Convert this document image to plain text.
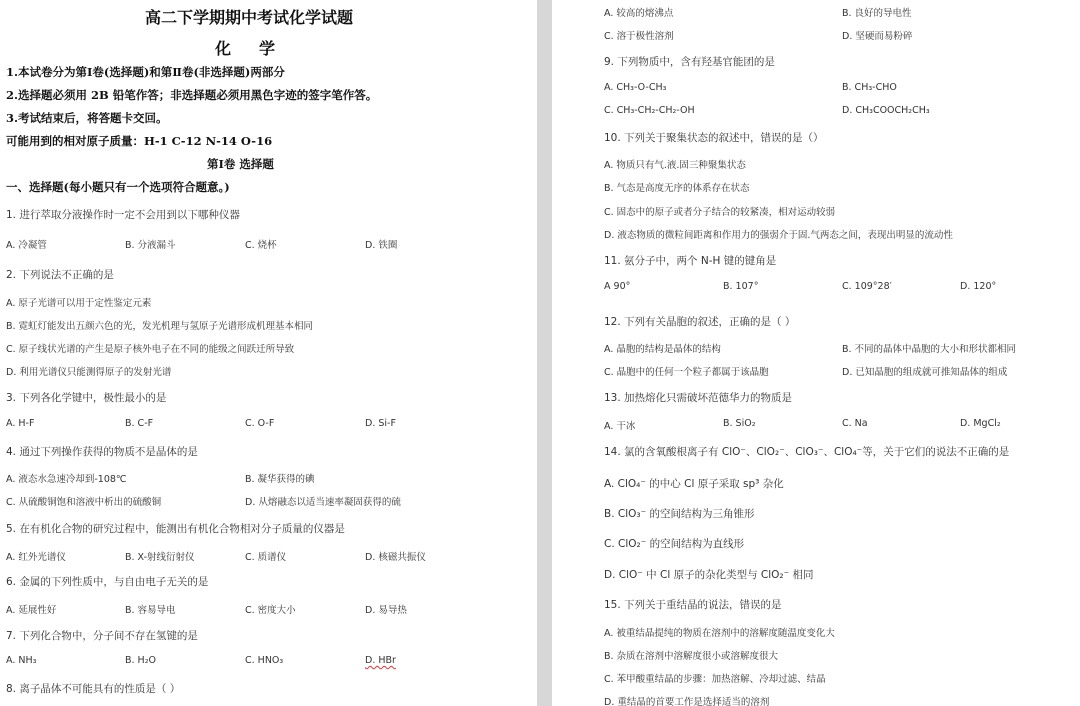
高二下学期期中考试化学试题
化学
1.本试卷分为第Ⅰ卷(选择题)和第Ⅱ卷(非选择题)两部分
2.选择题必须用 2B 铅笔作答；非选择题必须用黑色字迹的签字笔作答。
3.考试结束后，将答题卡交回。
可能用到的相对原子质量：H-1 C-12 N-14 O-16
第Ⅰ卷 选择题
一、选择题(每小题只有一个选项符合题意。)
1. 进行萃取分液操作时一定不会用到以下哪种仪器
A. 冷凝管	B. 分液漏斗	C. 烧杯	D. 铁圈
2. 下列说法不正确的是
A. 原子光谱可以用于定性鉴定元素
B. 霓虹灯能发出五颜六色的光，发光机理与氢原子光谱形成机理基本相同
C. 原子线状光谱的产生是原子核外电子在不同的能级之间跃迁所导致
D. 利用光谱仪只能测得原子的发射光谱
3. 下列各化学键中，极性最小的是
A. H-F	B. C-F	C. O-F	D. Si-F
4. 通过下列操作获得的物质不是晶体的是
A. 液态水急速冷却到-108℃	B. 凝华获得的碘
C. 从硫酸铜饱和溶液中析出的硫酸铜	D. 从熔融态以适当速率凝固获得的硫
5. 在有机化合物的研究过程中，能测出有机化合物相对分子质量的仪器是
A. 红外光谱仪	B. X-射线衍射仪	C. 质谱仪	D. 核磁共振仪
6. 金属的下列性质中，与自由电子无关的是
A. 延展性好	B. 容易导电	C. 密度大小	D. 易导热
7. 下列化合物中，分子间不存在氢键的是
A. NH₃	B. H₂O	C. HNO₃	D. HBr
8. 离子晶体不可能具有的性质是（ ）
A. 较高的熔沸点	B. 良好的导电性
C. 溶于极性溶剂	D. 坚硬而易粉碎
9. 下列物质中，含有羟基官能团的是
A. CH₃-O-CH₃	B. CH₃-CHO
C. CH₃-CH₂-CH₂-OH	D. CH₃COOCH₂CH₃
10. 下列关于聚集状态的叙述中，错误的是（）
A. 物质只有气.液.固三种聚集状态
B. 气态是高度无序的体系存在状态
C. 固态中的原子或者分子结合的较紧凑，相对运动较弱
D. 液态物质的微粒间距离和作用力的强弱介于固.气两态之间，表现出明显的流动性
11. 氨分子中，两个 N-H 键的键角是
A 90°	B. 107°	C. 109°28′	D. 120°
12. 下列有关晶胞的叙述，正确的是（ ）
A. 晶胞的结构是晶体的结构	B. 不同的晶体中晶胞的大小和形状都相同
C. 晶胞中的任何一个粒子都属于该晶胞	D. 已知晶胞的组成就可推知晶体的组成
13. 加热熔化只需破坏范德华力的物质是
A. 干冰	B. SiO₂	C. Na	D. MgCl₂
14. 氯的含氧酸根离子有 ClO⁻、ClO₂⁻、ClO₃⁻、ClO₄⁻等，关于它们的说法不正确的是
A. ClO₄⁻ 的中心 Cl 原子采取 sp³ 杂化
B. ClO₃⁻ 的空间结构为三角锥形
C. ClO₂⁻ 的空间结构为直线形
D. ClO⁻ 中 Cl 原子的杂化类型与 ClO₂⁻ 相同
15. 下列关于重结晶的说法，错误的是
A. 被重结晶提纯的物质在溶剂中的溶解度随温度变化大
B. 杂质在溶剂中溶解度很小或溶解度很大
C. 苯甲酸重结晶的步骤：加热溶解、冷却过滤、结晶
D. 重结晶的首要工作是选择适当的溶剂
